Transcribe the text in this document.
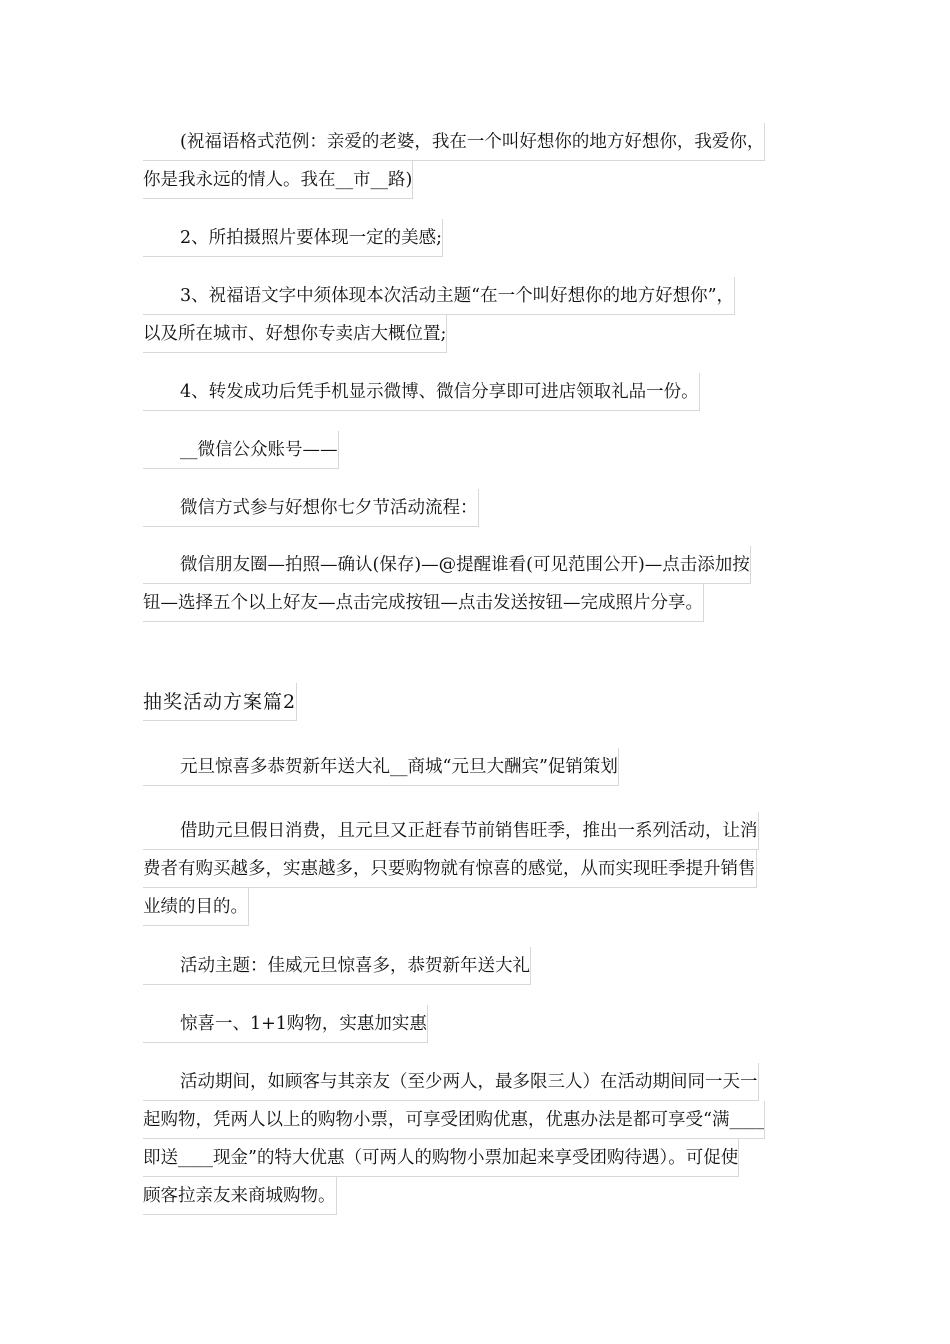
(祝福语格式范例：亲爱的老婆，我在一个叫好想你的地方好想你，我爱你，
你是我永远的情人。我在__市__路)
2、所拍摄照片要体现一定的美感;
3、祝福语文字中须体现本次活动主题“在一个叫好想你的地方好想你”，
以及所在城市、好想你专卖店大概位置;
4、转发成功后凭手机显示微博、微信分享即可进店领取礼品一份。
__微信公众账号——
微信方式参与好想你七夕节活动流程：
微信朋友圈—拍照—确认(保存)—@提醒谁看(可见范围公开)—点击添加按
钮—选择五个以上好友—点击完成按钮—点击发送按钮—完成照片分享。
抽奖活动方案篇2
元旦惊喜多恭贺新年送大礼__商城“元旦大酬宾”促销策划
借助元旦假日消费，且元旦又正赶春节前销售旺季，推出一系列活动，让消
费者有购买越多，实惠越多，只要购物就有惊喜的感觉，从而实现旺季提升销售
业绩的目的。
活动主题：佳威元旦惊喜多，恭贺新年送大礼
惊喜一、1+1购物，实惠加实惠
活动期间，如顾客与其亲友（至少两人，最多限三人）在活动期间同一天一
起购物，凭两人以上的购物小票，可享受团购优惠，优惠办法是都可享受“满____
即送____现金”的特大优惠（可两人的购物小票加起来享受团购待遇）。可促使
顾客拉亲友来商城购物。
